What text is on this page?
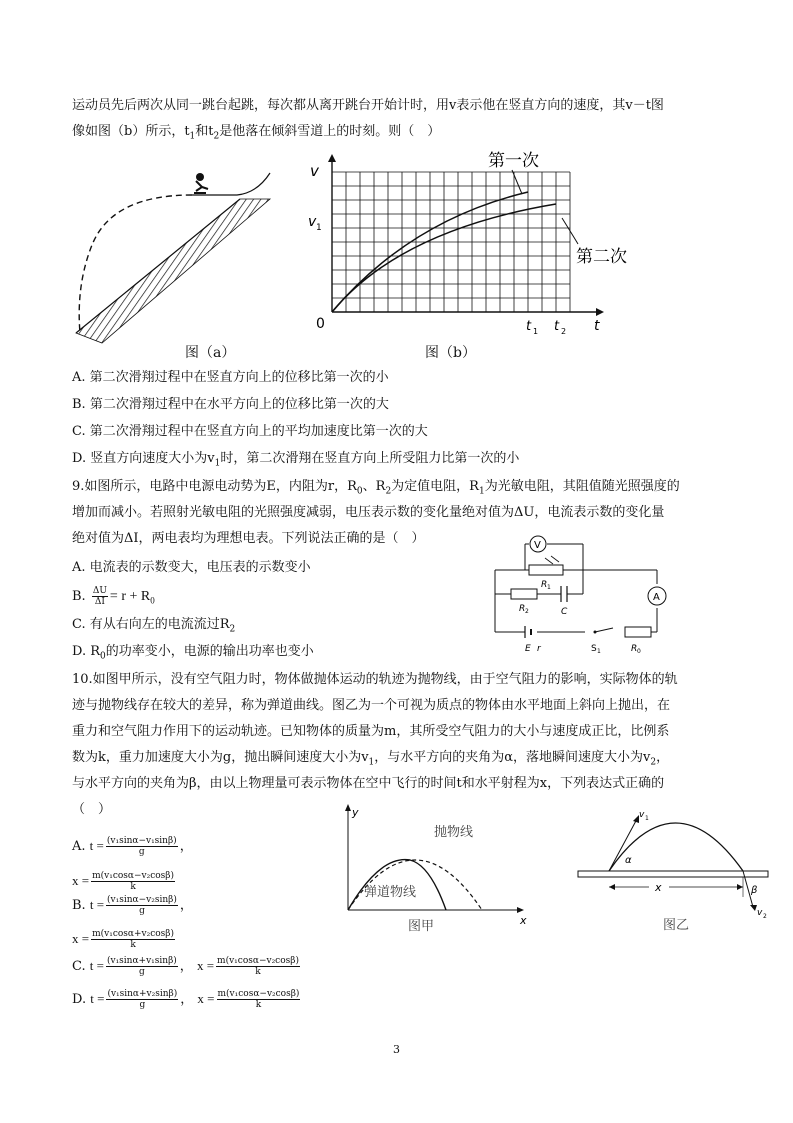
运动员先后两次从同一跳台起跳，每次都从离开跳台开始计时，用v表示他在竖直方向的速度，其v－t图
像如图（b）所示，$t_1$和$t_2$是他落在倾斜雪道上的时刻。则（　）
图（a）
第一次
第二次
v
v 1
0	t 1 t 2 t
图（b）
A. 第二次滑翔过程中在竖直方向上的位移比第一次的小
B. 第二次滑翔过程中在水平方向上的位移比第一次的大
C. 第二次滑翔过程中在竖直方向上的平均加速度比第一次的大
D. 竖直方向速度大小为$v_1$时，第二次滑翔在竖直方向上所受阻力比第一次的小
9.如图所示，电路中电源电动势为E，内阻为r，$R_0$、$R_2$为定值电阻，$R_1$为光敏电阻，其阻值随光照强度的
增加而减小。若照射光敏电阻的光照强度减弱，电压表示数的变化量绝对值为ΔU，电流表示数的变化量
绝对值为ΔI，两电表均为理想电表。下列说法正确的是（　）	V
R 1
R 2	C
A
E r	S 1	R 0
A. 电流表的示数变大，电压表的示数变小
B. $\frac{\Delta U}{\Delta I} = r + R_0$
C. 有从右向左的电流流过$R_2$
D. $R_0$的功率变小，电源的输出功率也变小
10.如图甲所示，没有空气阻力时，物体做抛体运动的轨迹为抛物线，由于空气阻力的影响，实际物体的轨
迹与抛物线存在较大的差异，称为弹道曲线。图乙为一个可视为质点的物体由水平地面上斜向上抛出，在
重力和空气阻力作用下的运动轨迹。已知物体的质量为m，其所受空气阻力的大小与速度成正比，比例系
数为k，重力加速度大小为g，抛出瞬间速度大小为$v_1$，与水平方向的夹角为α，落地瞬间速度大小为$v_2$，
与水平方向的夹角为β，由以上物理量可表示物体在空中飞行的时间t和水平射程为x，下列表达式正确的
（　）
A. $t = \frac{\text{(v₁sinα−v₁sinβ)}}{g}$ ，
$x = \frac{\text{m(v₁cosα−v₂cosβ)}}{k}$
B. $t = \frac{\text{(v₁sinα−v₂sinβ)}}{g}$ ，
$x = \frac{\text{m(v₁cosα+v₂cosβ)}}{k}$
C. $t = \frac{\text{(v₁sinα+v₁sinβ)}}{g}$ ， $x = \frac{\text{m(v₁cosα−v₂cosβ)}}{k}$
D. $t = \frac{\text{(v₁sinα+v₂sinβ)}}{g}$ ， $x = \frac{\text{m(v₁cosα−v₂cosβ)}}{k}$
y
x
抛物线
弹道物线
图甲
v 1
α
x	β
v 2
图乙
3
